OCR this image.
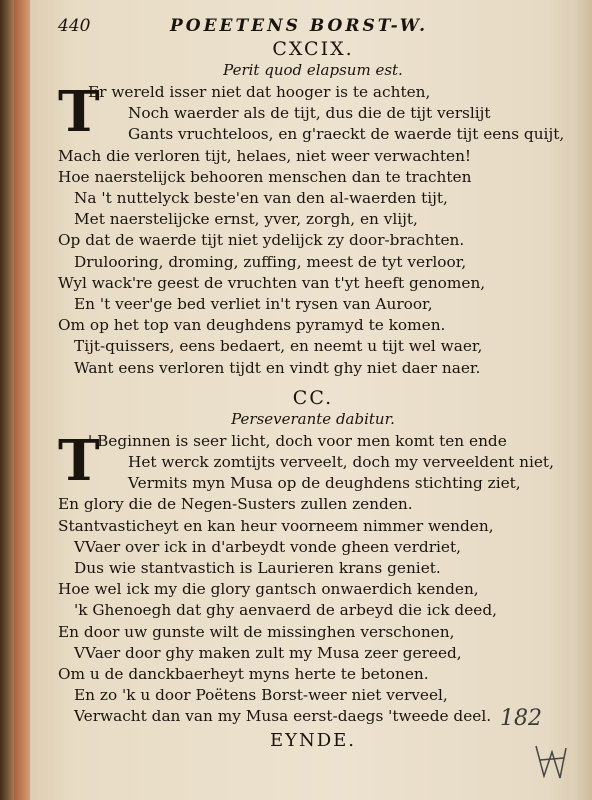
440	POEETENS BORST-W.
CXCIX.
Perit quod elapsum est.
T
Er wereld isser niet dat hooger is te achten,
Noch waerder als de tijt, dus die de tijt verslijt
Gants vruchteloos, en g'raeckt de waerde tijt eens quijt,
Mach die verloren tijt, helaes, niet weer verwachten!
Hoe naerstelijck behooren menschen dan te trachten
Na 't nuttelyck beste'en van den al-waerden tijt,
Met naerstelijcke ernst, yver, zorgh, en vlijt,
Op dat de waerde tijt niet ydelijck zy door-brachten.
Drulooring, droming, zuffing, meest de tyt verloor,
Wyl wack're geest de vruchten van t'yt heeft genomen,
En 't veer'ge bed verliet in't rysen van Auroor,
Om op het top van deughdens pyramyd te komen.
Tijt-quissers, eens bedaert, en neemt u tijt wel waer,
Want eens verloren tijdt en vindt ghy niet daer naer.
CC.
Perseverante dabitur.
T
' Beginnen is seer licht, doch voor men komt ten ende
Het werck zomtijts verveelt, doch my verveeldent niet,
Vermits myn Musa op de deughdens stichting ziet,
En glory die de Negen-Susters zullen zenden.
Stantvasticheyt en kan heur voorneem nimmer wenden,
VVaer over ick in d'arbeydt vonde gheen verdriet,
Dus wie stantvastich is Laurieren krans geniet.
Hoe wel ick my die glory gantsch onwaerdich kenden,
'k Ghenoegh dat ghy aenvaerd de arbeyd die ick deed,
En door uw gunste wilt de missinghen verschonen,
VVaer door ghy maken zult my Musa zeer gereed,
Om u de danckbaerheyt myns herte te betonen.
En zo 'k u door Poëtens Borst-weer niet verveel,
Verwacht dan van my Musa eerst-daegs 'tweede deel.
EYNDE.
182
